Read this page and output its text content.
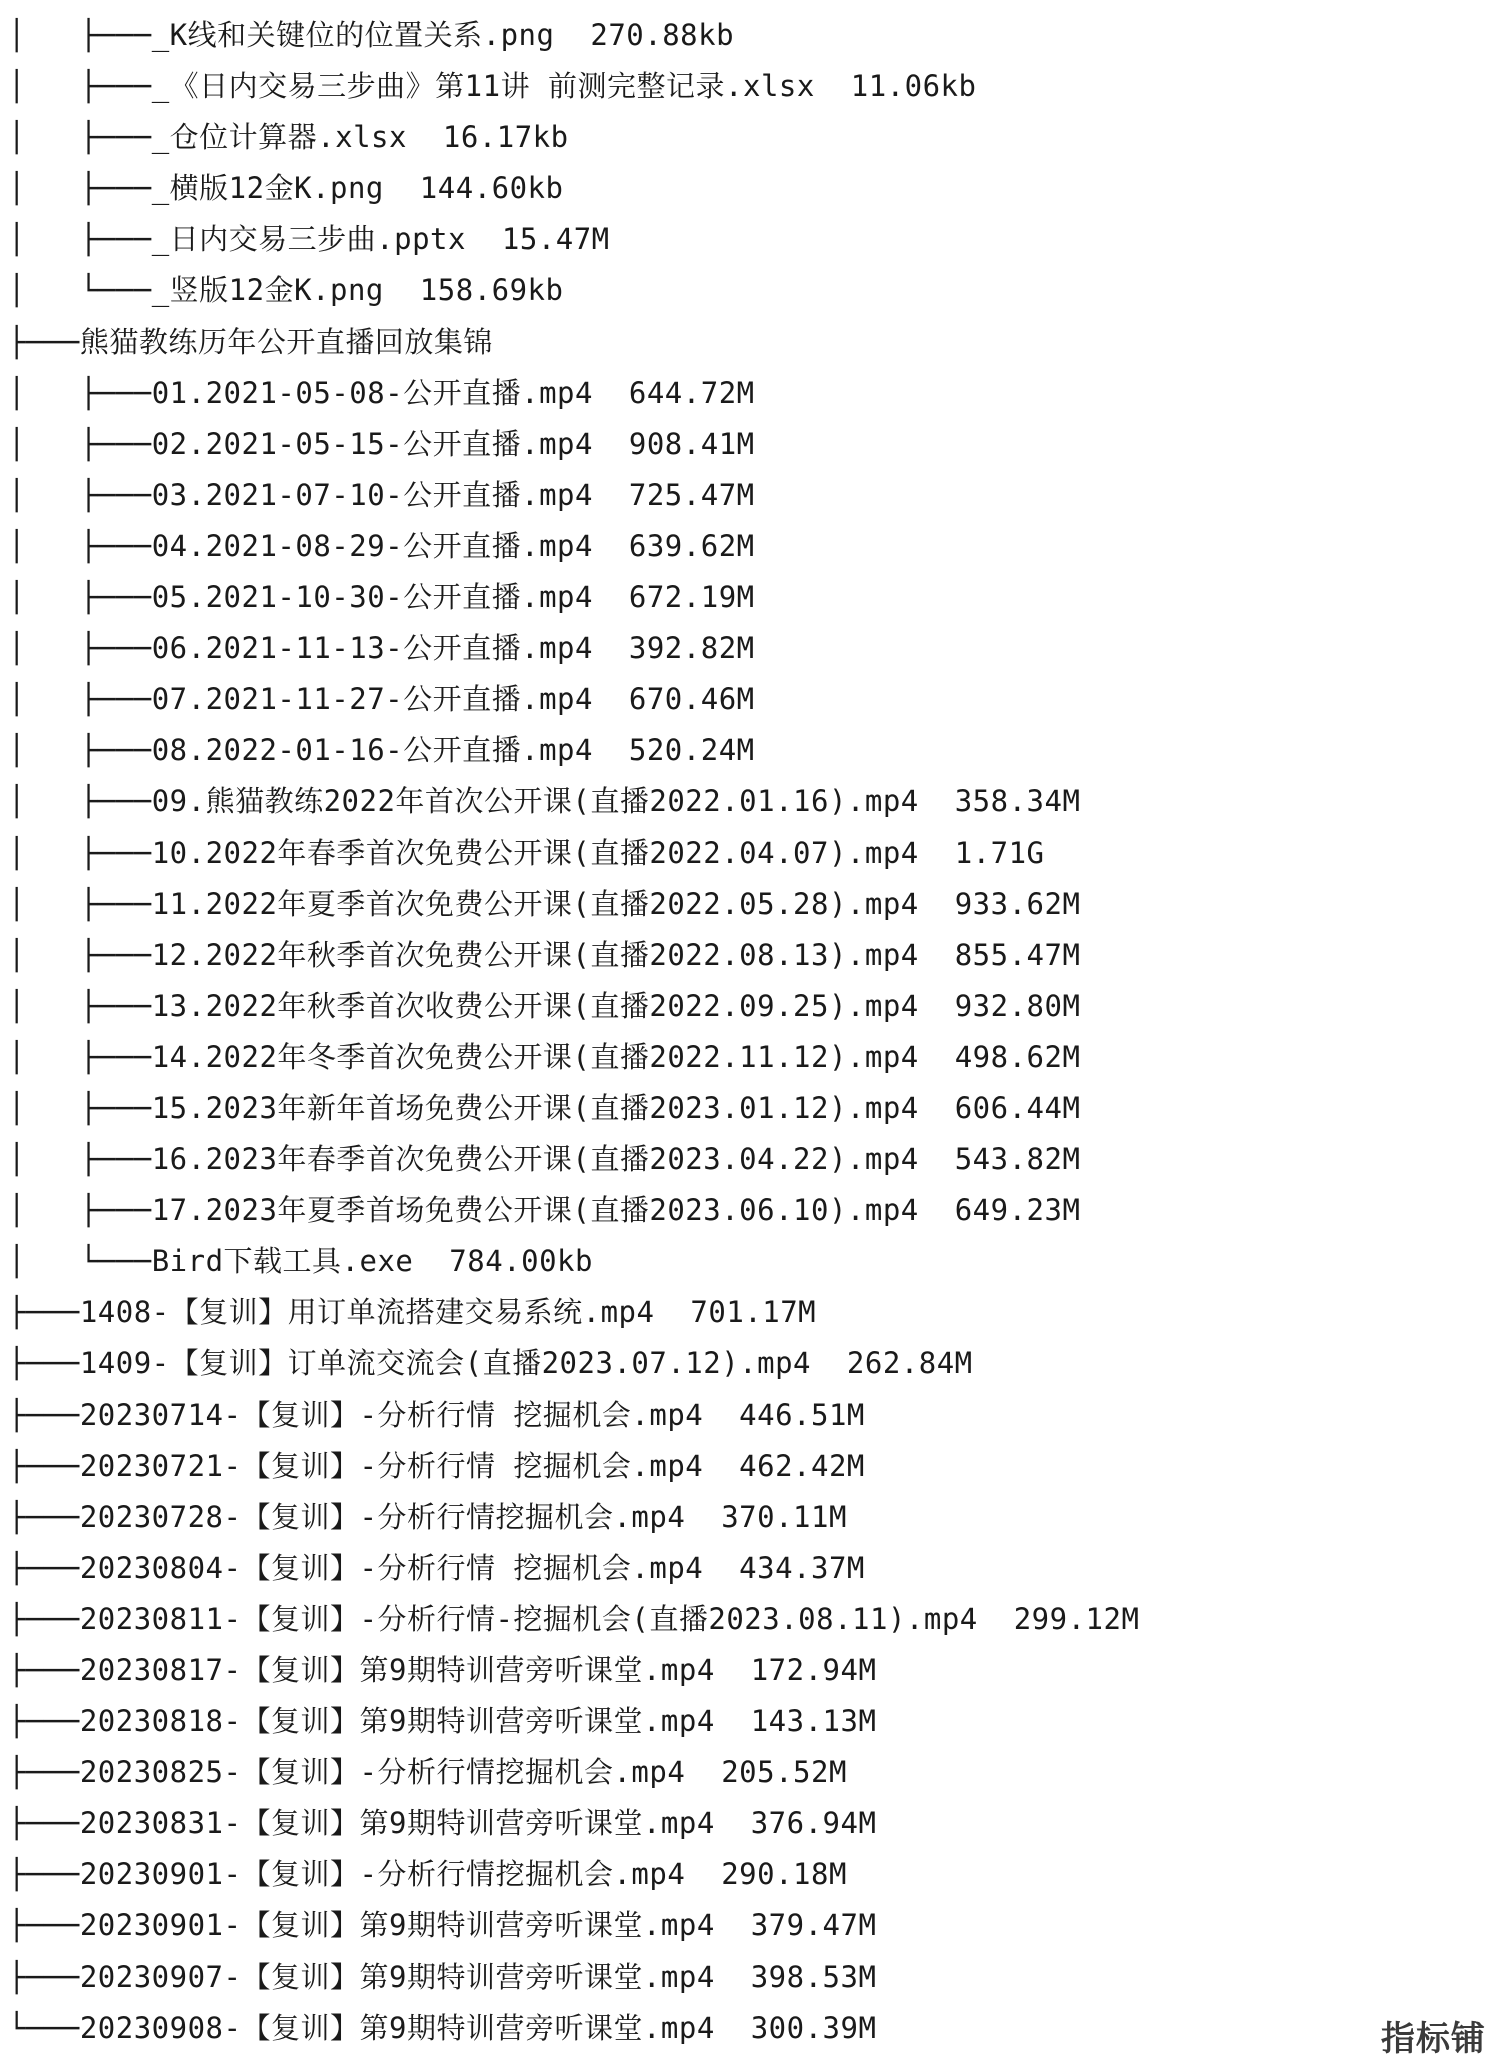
│   ├───_K线和关键位的位置关系.png 270.88kb
│   ├───_《日内交易三步曲》第11讲 前测完整记录.xlsx 11.06kb
│   ├───_仓位计算器.xlsx 16.17kb
│   ├───_横版12金K.png 144.60kb
│   ├───_日内交易三步曲.pptx 15.47M
│   └───_竖版12金K.png 158.69kb
├───熊猫教练历年公开直播回放集锦
│   ├───01.2021-05-08-公开直播.mp4 644.72M
│   ├───02.2021-05-15-公开直播.mp4 908.41M
│   ├───03.2021-07-10-公开直播.mp4 725.47M
│   ├───04.2021-08-29-公开直播.mp4 639.62M
│   ├───05.2021-10-30-公开直播.mp4 672.19M
│   ├───06.2021-11-13-公开直播.mp4 392.82M
│   ├───07.2021-11-27-公开直播.mp4 670.46M
│   ├───08.2022-01-16-公开直播.mp4 520.24M
│   ├───09.熊猫教练2022年首次公开课(直播2022.01.16).mp4 358.34M
│   ├───10.2022年春季首次免费公开课(直播2022.04.07).mp4 1.71G
│   ├───11.2022年夏季首次免费公开课(直播2022.05.28).mp4 933.62M
│   ├───12.2022年秋季首次免费公开课(直播2022.08.13).mp4 855.47M
│   ├───13.2022年秋季首次收费公开课(直播2022.09.25).mp4 932.80M
│   ├───14.2022年冬季首次免费公开课(直播2022.11.12).mp4 498.62M
│   ├───15.2023年新年首场免费公开课(直播2023.01.12).mp4 606.44M
│   ├───16.2023年春季首次免费公开课(直播2023.04.22).mp4 543.82M
│   ├───17.2023年夏季首场免费公开课(直播2023.06.10).mp4 649.23M
│   └───Bird下载工具.exe 784.00kb
├───1408-【复训】用订单流搭建交易系统.mp4 701.17M
├───1409-【复训】订单流交流会(直播2023.07.12).mp4 262.84M
├───20230714-【复训】-分析行情 挖掘机会.mp4 446.51M
├───20230721-【复训】-分析行情 挖掘机会.mp4 462.42M
├───20230728-【复训】-分析行情挖掘机会.mp4 370.11M
├───20230804-【复训】-分析行情 挖掘机会.mp4 434.37M
├───20230811-【复训】-分析行情-挖掘机会(直播2023.08.11).mp4 299.12M
├───20230817-【复训】第9期特训营旁听课堂.mp4 172.94M
├───20230818-【复训】第9期特训营旁听课堂.mp4 143.13M
├───20230825-【复训】-分析行情挖掘机会.mp4 205.52M
├───20230831-【复训】第9期特训营旁听课堂.mp4 376.94M
├───20230901-【复训】-分析行情挖掘机会.mp4 290.18M
├───20230901-【复训】第9期特训营旁听课堂.mp4 379.47M
├───20230907-【复训】第9期特训营旁听课堂.mp4 398.53M
└───20230908-【复训】第9期特训营旁听课堂.mp4 300.39M	指标铺
